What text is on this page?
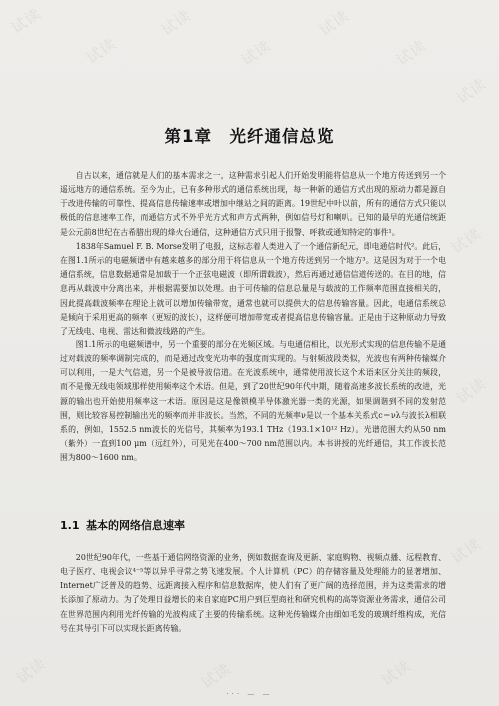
试读
试读
试读
试读
试读
试读
试读
试读
试读
试读
试读	试读	试读
第1章　光纤通信总览

自古以来，通信就是人们的基本需求之一，这种需求引起人们开始发明能将信息从一个地方传送到另一个遥远地方的通信系统。至今为止，已有多种形式的通信系统出现，每一种新的通信方式出现的原动力都是源自于改进传输的可靠性、提高信息传输速率或增加中继站之间的距离。19世纪中叶以前，所有的通信方式只能以极低的信息速率工作，而通信方式不外乎光方式和声方式两种，例如信号灯和喇叭。已知的最早的光通信统距是公元前8世纪在古希腊出现的烽火台通信，这种通信方式只用于报警、呼救或通知特定的事件¹。

1838年Samuel F. B. Morse发明了电报，这标志着人类进入了一个通信新纪元，即电通信时代²。此后，在图1.1所示的电磁频谱中有越来越多的部分用于将信息从一个地方传送到另一个地方³。这是因为对于一个电通信系统，信息数据通常是加载于一个正弦电磁波（即所谓载波），然后再通过通信信道传送的。在目的地，信息再从载波中分离出来，并根据需要加以处理。由于可传输的信息总量是与载波的工作频率范围直接相关的，因此提高载波频率在理论上就可以增加传输带宽，通常也就可以提供大的信息传输容量。因此，电通信系统总是倾向于采用更高的频率（更短的波长），这样便可增加带宽或者提高信息传输容量。正是由于这种原动力导致了无线电、电视、雷达和微波线路的产生。

图1.1所示的电磁频谱中，另一个重要的部分在光频区域。与电通信相比，以光形式实现的信息传输不是通过对载波的频率调制完成的，而是通过改变光功率的强度而实现的。与射频波段类似，光波也有两种传输媒介可以利用，一是大气信道，另一个是被导波信道。在光波系统中，通常使用波长这个术语来区分关注的频段，而不是像无线电领域那样使用频率这个术语。但是，到了20世纪90年代中期，随着高速多波长系统的改进，光源的输出也开始使用频率这一术语。原因是这是像锁模半导体激光器一类的光源，如果调谐到不同的发射范围，则比较容易控制输出光的频率而并非波长。当然，不同的光频率ν是以一个基本关系式c＝νλ与波长λ相联系的，例如，1552.5 nm波长的光信号，其频率为193.1 THz（193.1×10¹² Hz）。光谱范围大约从50 nm（紫外）一直到100 μm（远红外），可见光在400～700 nm范围以内。本书讲授的光纤通信，其工作波长范围为800～1600 nm。

1.1 基本的网络信息速率

20世纪90年代，一些基于通信网络资源的业务，例如数据查询及更新、家庭购物、视频点播、远程教育、电子医疗、电视会议⁴⁻⁵等以异乎寻常之势飞速发展。个人计算机（PC）的存储容量及处理能力的显著增加、Internet广泛普及的趋势、远距离接入程序和信息数据库，使人们有了更广阔的选择范围，并为这类需求的增长添加了原动力。为了处理日益增长的来自家庭PC用户到巨型商社和研究机构的高等资源业务需求，通信公司在世界范围内利用光纤传输的光波构成了主要的传输系统。这种光传输媒介由细如毛发的玻璃纤维构成，光信号在其导引下可以实现长距离传输。

··· — —
